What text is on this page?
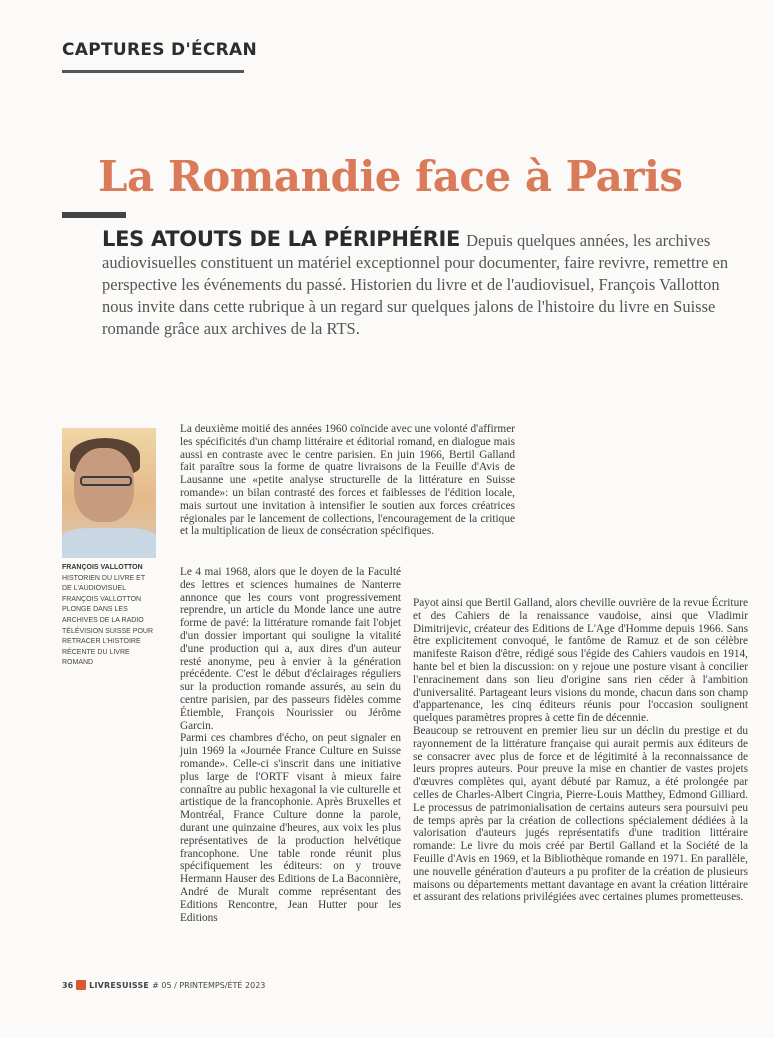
CAPTURES D'ÉCRAN
La Romandie face à Paris
LES ATOUTS DE LA PÉRIPHÉRIE Depuis quelques années, les archives audiovisuelles constituent un matériel exceptionnel pour documenter, faire revivre, remettre en perspective les événements du passé. Historien du livre et de l'audiovisuel, François Vallotton nous invite dans cette rubrique à un regard sur quelques jalons de l'histoire du livre en Suisse romande grâce aux archives de la RTS.
FRANÇOIS VALLOTTON
HISTORIEN DU LIVRE ET DE L'AUDIOVISUEL FRANÇOIS VALLOTTON PLONGE DANS LES ARCHIVES DE LA RADIO TÉLÉVISION SUISSE POUR RETRACER L'HISTOIRE RÉCENTE DU LIVRE ROMAND

La deuxième moitié des années 1960 coïncide avec une volonté d'affirmer les spécificités d'un champ littéraire et éditorial romand, en dialogue mais aussi en contraste avec le centre parisien. En juin 1966, Bertil Galland fait paraître sous la forme de quatre livraisons de la Feuille d'Avis de Lausanne une «petite analyse structurelle de la littérature en Suisse romande»: un bilan contrasté des forces et faiblesses de l'édition locale, mais surtout une invitation à intensifier le soutien aux forces créatrices régionales par le lancement de collections, l'encouragement de la critique et la multiplication de lieux de consécration spécifiques.

Le 4 mai 1968, alors que le doyen de la Faculté des lettres et sciences humaines de Nanterre annonce que les cours vont progressivement reprendre, un article du Monde lance une autre forme de pavé: la littérature romande fait l'objet d'un dossier important qui souligne la vitalité d'une production qui a, aux dires d'un auteur resté anonyme, peu à envier à la génération précédente. C'est le début d'éclairages réguliers sur la production romande assurés, au sein du centre parisien, par des passeurs fidèles comme Étiemble, François Nourissier ou Jérôme Garcin.

Parmi ces chambres d'écho, on peut signaler en juin 1969 la «Journée France Culture en Suisse romande». Celle-ci s'inscrit dans une initiative plus large de l'ORTF visant à mieux faire connaître au public hexagonal la vie culturelle et artistique de la francophonie. Après Bruxelles et Montréal, France Culture donne la parole, durant une quinzaine d'heures, aux voix les plus représentatives de la production helvétique francophone. Une table ronde réunit plus spécifiquement les éditeurs: on y trouve Hermann Hauser des Editions de La Baconnière, André de Muralt comme représentant des Editions Rencontre, Jean Hutter pour les Editions

Payot ainsi que Bertil Galland, alors cheville ouvrière de la revue Écriture et des Cahiers de la renaissance vaudoise, ainsi que Vladimir Dimitrijevic, créateur des Editions de L'Age d'Homme depuis 1966. Sans être explicitement convoqué, le fantôme de Ramuz et de son célèbre manifeste Raison d'être, rédigé sous l'égide des Cahiers vaudois en 1914, hante bel et bien la discussion: on y rejoue une posture visant à concilier l'enracinement dans son lieu d'origine sans rien céder à l'ambition d'universalité. Partageant leurs visions du monde, chacun dans son champ d'appartenance, les cinq éditeurs réunis pour l'occasion soulignent quelques paramètres propres à cette fin de décennie.

Beaucoup se retrouvent en premier lieu sur un déclin du prestige et du rayonnement de la littérature française qui aurait permis aux éditeurs de se consacrer avec plus de force et de légitimité à la reconnaissance de leurs propres auteurs. Pour preuve la mise en chantier de vastes projets d'œuvres complètes qui, ayant débuté par Ramuz, a été prolongée par celles de Charles-Albert Cingria, Pierre-Louis Matthey, Edmond Gilliard. Le processus de patrimonialisation de certains auteurs sera poursuivi peu de temps après par la création de collections spécialement dédiées à la valorisation d'auteurs jugés représentatifs d'une tradition littéraire romande: Le livre du mois créé par Bertil Galland et la Société de la Feuille d'Avis en 1969, et la Bibliothèque romande en 1971. En parallèle, une nouvelle génération d'auteurs a pu profiter de la création de plusieurs maisons ou départements mettant davantage en avant la création littéraire et assurant des relations privilégiées avec certaines plumes prometteuses.

36 LIVRESUISSE # 05 / PRINTEMPS/ÉTÉ 2023
